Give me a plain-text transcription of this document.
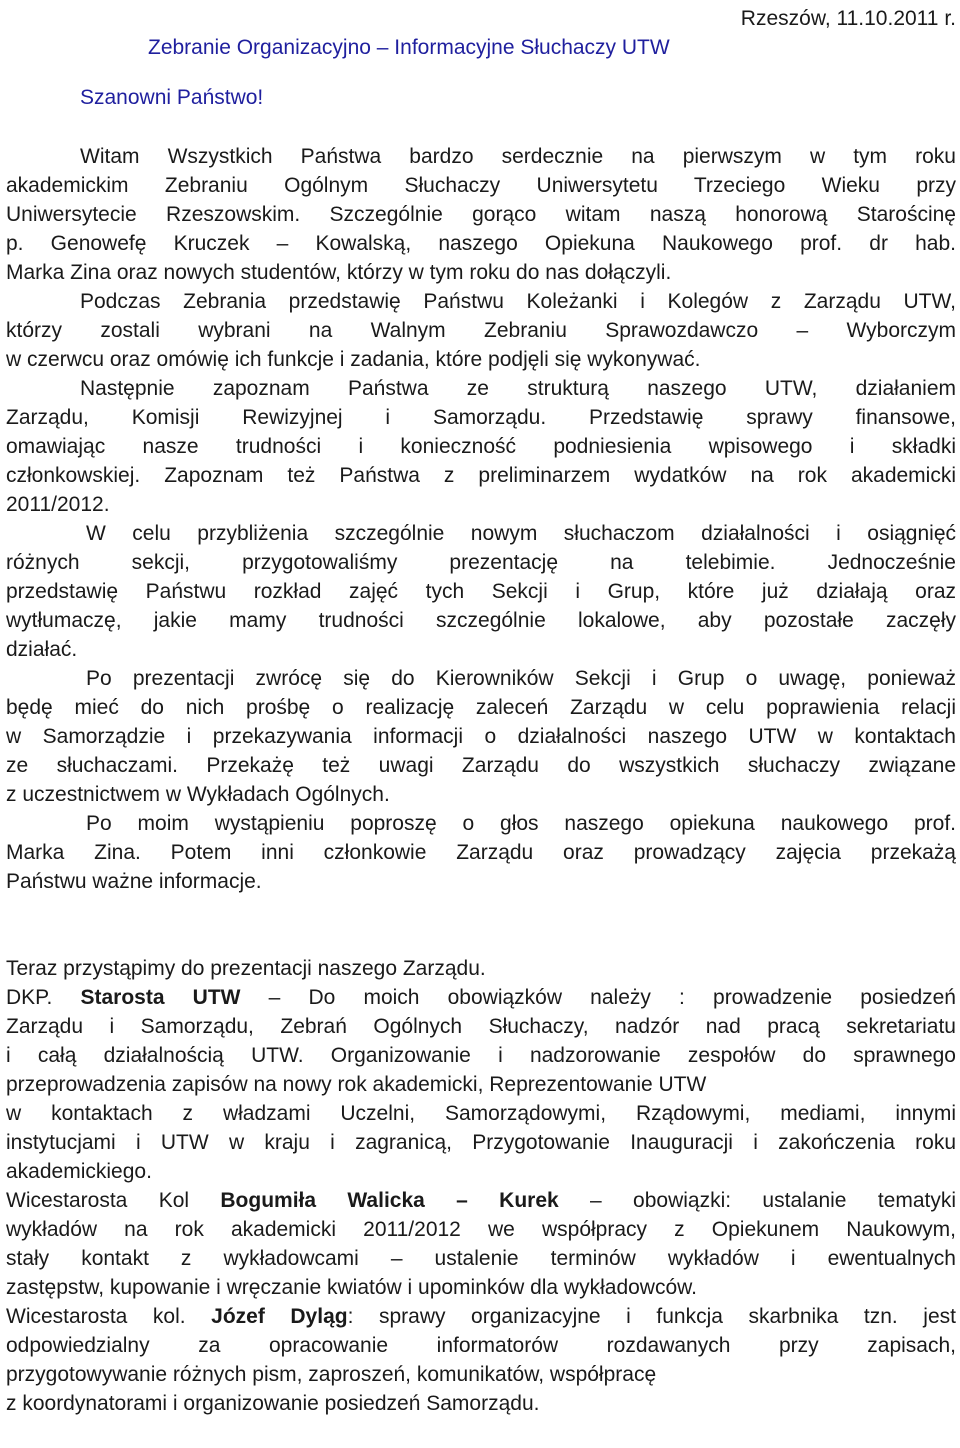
Rzeszów, 11.10.2011 r.

Zebranie Organizacyjno – Informacyjne Słuchaczy UTW

Szanowni Państwo!

Witam Wszystkich Państwa bardzo serdecznie na pierwszym w tym roku
akademickim Zebraniu Ogólnym Słuchaczy Uniwersytetu Trzeciego Wieku przy
Uniwersytecie Rzeszowskim. Szczególnie gorąco witam naszą honorową Starościnę
p. Genowefę Kruczek – Kowalską, naszego Opiekuna Naukowego prof. dr hab.
Marka Zina oraz nowych studentów, którzy w tym roku do nas dołączyli.
Podczas Zebrania przedstawię Państwu Koleżanki i Kolegów z Zarządu UTW,
którzy zostali wybrani na Walnym Zebraniu Sprawozdawczo – Wyborczym
w czerwcu oraz omówię ich funkcje i zadania, które podjęli się wykonywać.
Następnie zapoznam Państwa ze strukturą naszego UTW, działaniem
Zarządu, Komisji Rewizyjnej i Samorządu. Przedstawię sprawy finansowe,
omawiając nasze trudności i konieczność podniesienia wpisowego i składki
członkowskiej. Zapoznam też Państwa z preliminarzem wydatków na rok akademicki
2011/2012.
W celu przybliżenia szczególnie nowym słuchaczom działalności i osiągnięć
różnych sekcji, przygotowaliśmy prezentację na telebimie. Jednocześnie
przedstawię Państwu rozkład zajęć tych Sekcji i Grup, które już działają oraz
wytłumaczę, jakie mamy trudności szczególnie lokalowe, aby pozostałe zaczęły
działać.
Po prezentacji zwrócę się do Kierowników Sekcji i Grup o uwagę, ponieważ
będę mieć do nich prośbę o realizację zaleceń Zarządu w celu poprawienia relacji
w Samorządzie i przekazywania informacji o działalności naszego UTW w kontaktach
ze słuchaczami. Przekażę też uwagi Zarządu do wszystkich słuchaczy związane
z uczestnictwem w Wykładach Ogólnych.
Po moim wystąpieniu poproszę o głos naszego opiekuna naukowego prof.
Marka Zina. Potem inni członkowie Zarządu oraz prowadzący zajęcia przekażą
Państwu ważne informacje.
Teraz przystąpimy do prezentacji naszego Zarządu.
DKP. Starosta UTW – Do moich obowiązków należy : prowadzenie posiedzeń
Zarządu i Samorządu, Zebrań Ogólnych Słuchaczy, nadzór nad pracą sekretariatu
i całą działalnością UTW. Organizowanie i nadzorowanie zespołów do sprawnego
przeprowadzenia zapisów na nowy rok akademicki, Reprezentowanie UTW
w kontaktach z władzami Uczelni, Samorządowymi, Rządowymi, mediami, innymi
instytucjami i UTW w kraju i zagranicą, Przygotowanie Inauguracji i zakończenia roku
akademickiego.
Wicestarosta Kol Bogumiła Walicka – Kurek – obowiązki: ustalanie tematyki
wykładów na rok akademicki 2011/2012 we współpracy z Opiekunem Naukowym,
stały kontakt z wykładowcami – ustalenie terminów wykładów i ewentualnych
zastępstw, kupowanie i wręczanie kwiatów i upominków dla wykładowców.
Wicestarosta kol. Józef Dyląg: sprawy organizacyjne i funkcja skarbnika tzn. jest
odpowiedzialny za opracowanie informatorów rozdawanych przy zapisach,
przygotowywanie różnych pism, zaproszeń, komunikatów, współpracę
z koordynatorami i organizowanie posiedzeń Samorządu.
